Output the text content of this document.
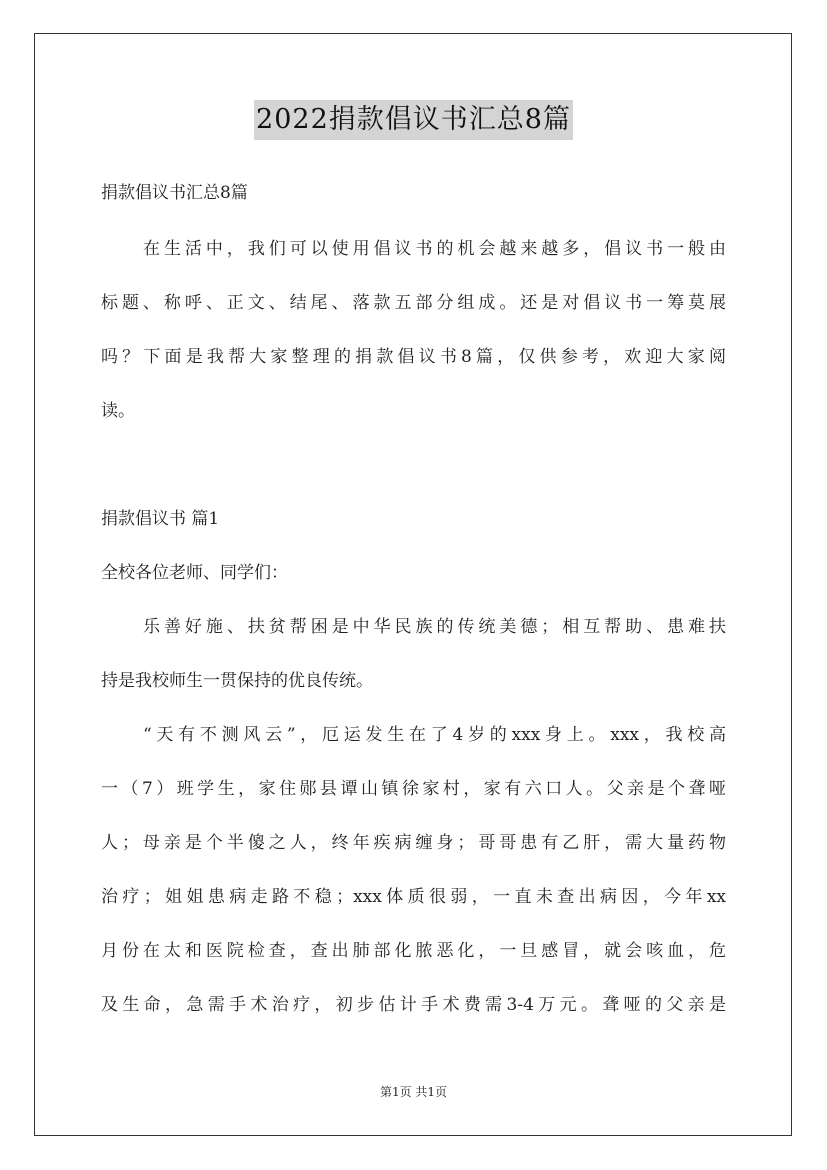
2022捐款倡议书汇总8篇
捐款倡议书汇总8篇
在生活中，我们可以使用倡议书的机会越来越多，倡议书一般由
标题、称呼、正文、结尾、落款五部分组成。还是对倡议书一筹莫展
吗？下面是我帮大家整理的捐款倡议书8篇，仅供参考，欢迎大家阅
读。
捐款倡议书 篇1
全校各位老师、同学们：
乐善好施、扶贫帮困是中华民族的传统美德；相互帮助、患难扶
持是我校师生一贯保持的优良传统。
“天有不测风云”，厄运发生在了4岁的xxx身上。xxx，我校高
一（7）班学生，家住郧县谭山镇徐家村，家有六口人。父亲是个聋哑
人；母亲是个半傻之人，终年疾病缠身；哥哥患有乙肝，需大量药物
治疗；姐姐患病走路不稳；xxx体质很弱，一直未查出病因，今年xx
月份在太和医院检查，查出肺部化脓恶化，一旦感冒，就会咳血，危
及生命，急需手术治疗，初步估计手术费需3-4万元。聋哑的父亲是
第1页 共1页
